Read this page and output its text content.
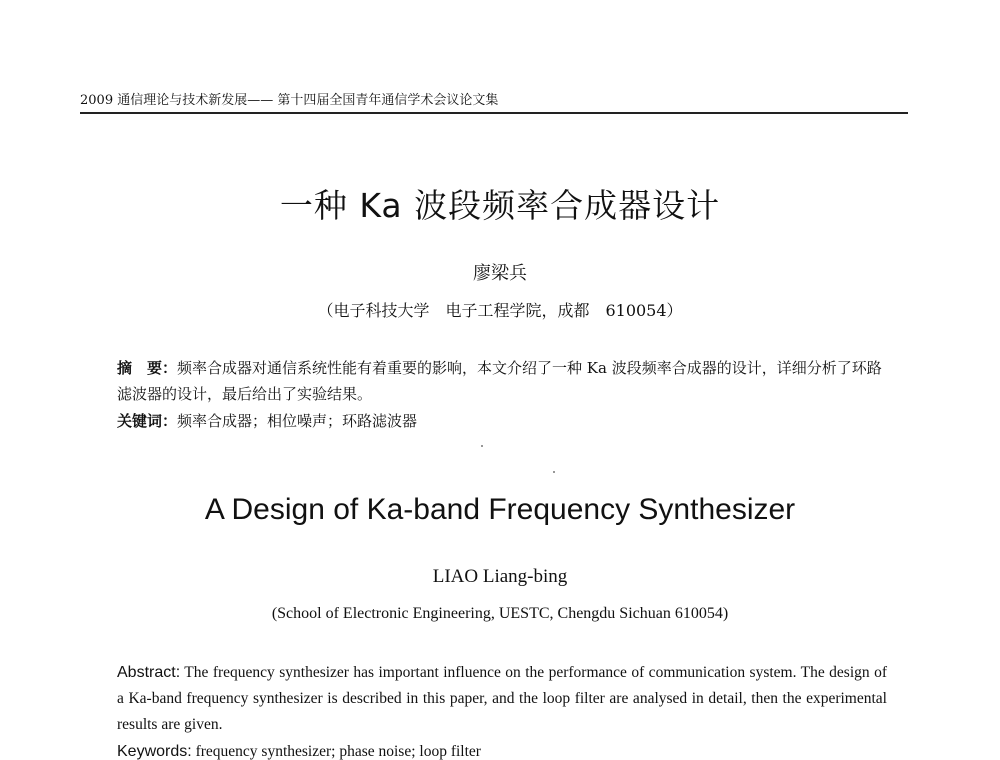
2009 通信理论与技术新发展—— 第十四届全国青年通信学术会议论文集
一种 Ka 波段频率合成器设计
廖梁兵
（电子科技大学　电子工程学院，成都　610054）
摘　要：频率合成器对通信系统性能有着重要的影响，本文介绍了一种 Ka 波段频率合成器的设计，详细分析了环路滤波器的设计，最后给出了实验结果。
关键词：频率合成器；相位噪声；环路滤波器
A Design of Ka-band Frequency Synthesizer
LIAO Liang-bing
(School of Electronic Engineering, UESTC, Chengdu Sichuan 610054)
Abstract: The frequency synthesizer has important influence on the performance of communication system. The design of a Ka-band frequency synthesizer is described in this paper, and the loop filter are analysed in detail, then the experimental results are given.
Keywords: frequency synthesizer; phase noise; loop filter
